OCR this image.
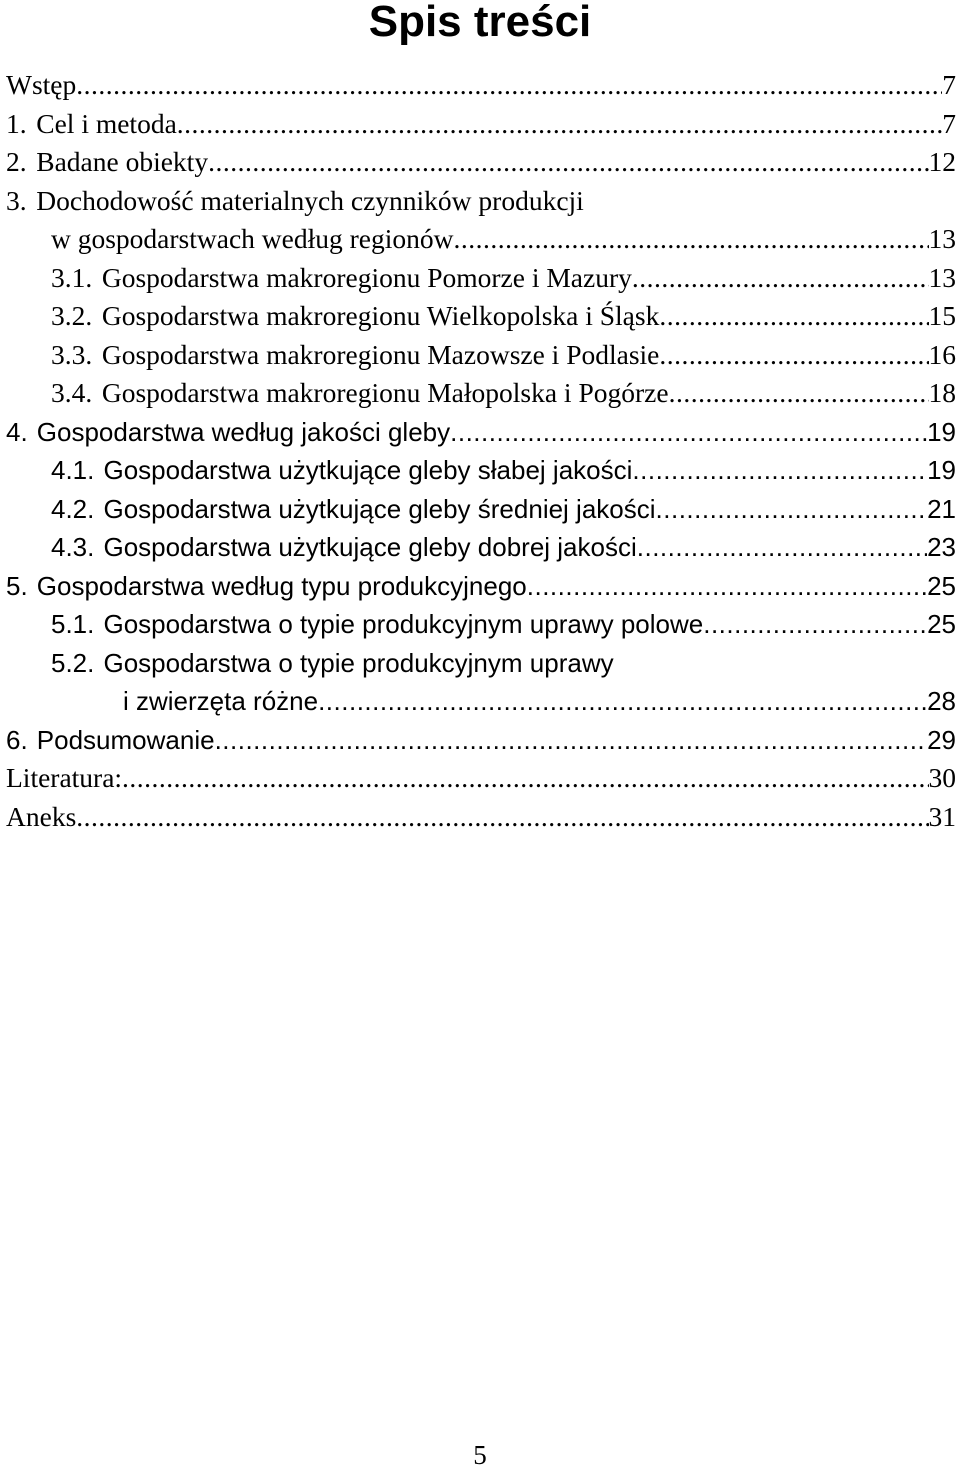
Spis treści
Wstęp .....	7
1. Cel i metoda .....	7
2. Badane obiekty .....	12
3. Dochodowość materialnych czynników produkcji
w gospodarstwach według regionów .....	13
3.1. Gospodarstwa makroregionu Pomorze i Mazury .....	13
3.2. Gospodarstwa makroregionu Wielkopolska i Śląsk .....	15
3.3. Gospodarstwa makroregionu Mazowsze i Podlasie .....	16
3.4. Gospodarstwa makroregionu Małopolska i Pogórze .....	18
4. Gospodarstwa według jakości gleby .....	19
4.1. Gospodarstwa użytkujące gleby słabej jakości .....	19
4.2. Gospodarstwa użytkujące gleby średniej jakości .....	21
4.3. Gospodarstwa użytkujące gleby dobrej jakości .....	23
5. Gospodarstwa według typu produkcyjnego .....	25
5.1. Gospodarstwa o typie produkcyjnym uprawy polowe .....	25
5.2. Gospodarstwa o typie produkcyjnym uprawy
i zwierzęta różne .....	28
6. Podsumowanie .....	29
Literatura: .....	30
Aneks .....	31
5
